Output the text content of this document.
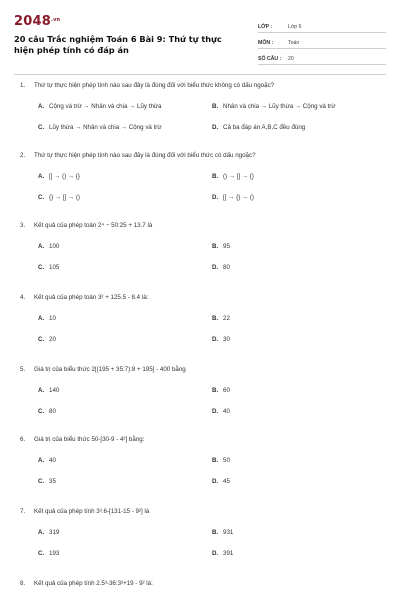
$2048^{.vn}$
20 câu Trắc nghiệm Toán 6 Bài 9: Thứ tự thực hiện phép tính có đáp án
LỚP :	Lớp 6
MÔN :	Toán
SỐ CÂU :	20
1.	Thứ tự thực hiện phép tính nào sau đây là đúng đối với biểu thức không có dấu ngoặc?
A. Cộng và trừ → Nhân và chia → Lũy thừa	B. Nhân và chia → Lũy thừa → Cộng và trừ
C. Lũy thừa → Nhân và chia → Cộng và trừ	D. Cả ba đáp án A,B,C đều đúng
2.	Thứ tự thực hiện phép tính nào sau đây là đúng đối với biểu thức có dấu ngoặc?
A. [] → () → {}	B. () → [] → {}
C. {} → [] → ()	D. [] → {} → ()
3.	Kết quả của phép toán 2⁴ − 50:25 + 13.7 là
A. 100	B. 95
C. 105	D. 80
4.	Kết quả của phép toán 3² + 125.5 - 8.4 là:
A. 10	B. 22
C. 20	D. 30
5.	Giá trị của biểu thức 2[(195 + 35:7):8 + 195] - 400 bằng
A. 140	B. 60
C. 80	D. 40
6.	Giá trị của biểu thức 50-[30-9 - 4³] bằng:
A. 40	B. 50
C. 35	D. 45
7.	Kết quả của phép tính 3³.6-[131-15 - 9²] là
A. 319	B. 931
C. 193	D. 391
8.	Kết quả của phép tính 2.5³-36:3²+19 - 9² là:
